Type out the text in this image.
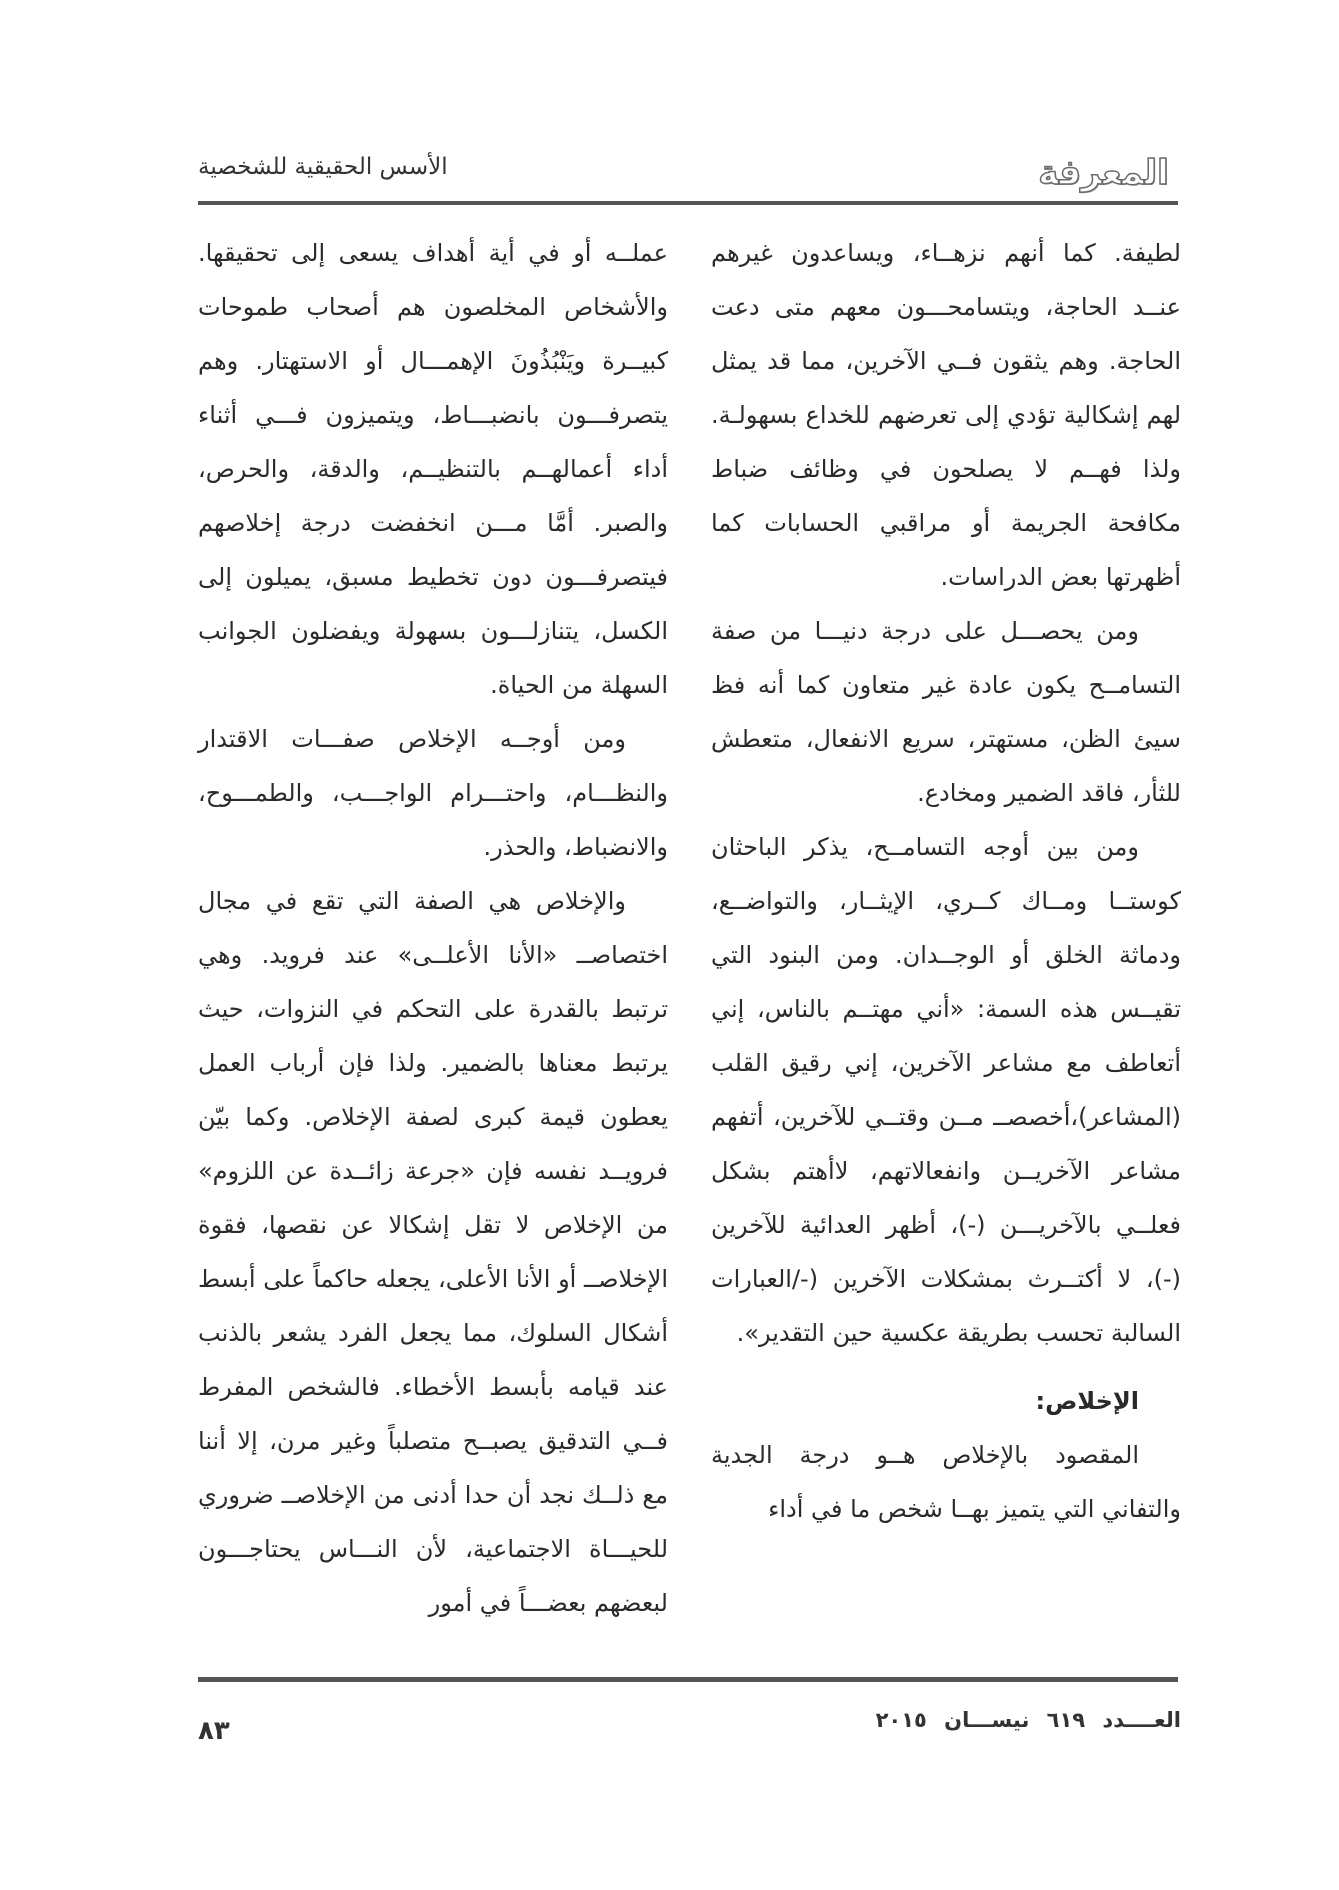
المعرفة
الأسس الحقيقية للشخصية

لطيفة. كما أنهم نزهــاء، ويساعدون غيرهم عنــد الحاجة، ويتسامحـــون معهم متى دعت الحاجة. وهم يثقون فــي الآخرين، مما قد يمثل لهم إشكالية تؤدي إلى تعرضهم للخداع بسهولـة. ولذا فهــم لا يصلحون في وظائف ضباط مكافحة الجريمة أو مراقبي الحسابات كما أظهرتها بعض الدراسات.

ومن يحصـــل على درجة دنيـــا من صفة التسامــح يكون عادة غير متعاون كما أنه فظ سيئ الظن، مستهتر، سريع الانفعال، متعطش للثأر، فاقد الضمير ومخادع.

ومن بين أوجه التسامــح، يذكر الباحثان كوستــا ومــاك كــري، الإيثــار، والتواضــع، ودماثة الخلق أو الوجــدان. ومن البنود التي تقيــس هذه السمة: «أني مهتــم بالناس، إني أتعاطف مع مشاعر الآخرين، إني رقيق القلب (المشاعر)،أخصصــ مــن وقتــي للآخرين، أتفهم مشاعر الآخريــن وانفعالاتهم، لاأهتم بشكل فعلــي بالآخريـــن (-)، أظهر العدائية للآخرين (-)، لا أكتــرث بمشكلات الآخرين (-/العبارات السالبة تحسب بطريقة عكسية حين التقدير».

الإخلاص:

المقصود بالإخلاص هــو درجة الجدية والتفاني التي يتميز بهــا شخص ما في أداء

عملــه أو في أية أهداف يسعى إلى تحقيقها. والأشخاص المخلصون هم أصحاب طموحات كبيــرة ويَنْبُذُونَ الإهمـــال أو الاستهتار. وهم يتصرفـــون بانضبـــاط، ويتميزون فـــي أثناء أداء أعمالهــم بالتنظيــم، والدقة، والحرص، والصبر. أمَّا مـــن انخفضت درجة إخلاصهم فيتصرفـــون دون تخطيط مسبق، يميلون إلى الكسل، يتنازلـــون بسهولة ويفضلون الجوانب السهلة من الحياة.

ومن أوجــه الإخلاص صفـــات الاقتدار والنظـــام، واحتـــرام الواجـــب، والطمـــوح، والانضباط، والحذر.

والإخلاص هي الصفة التي تقع في مجال اختصاصــ «الأنا الأعلــى» عند فرويد. وهي ترتبط بالقدرة على التحكم في النزوات، حيث يرتبط معناها بالضمير. ولذا فإن أرباب العمل يعطون قيمة كبرى لصفة الإخلاص. وكما بيّن فرويــد نفسه فإن «جرعة زائــدة عن اللزوم» من الإخلاص لا تقل إشكالا عن نقصها، فقوة الإخلاصــ أو الأنا الأعلى، يجعله حاكماً على أبسط أشكال السلوك، مما يجعل الفرد يشعر بالذنب عند قيامه بأبسط الأخطاء. فالشخص المفرط فــي التدقيق يصبــح متصلباً وغير مرن، إلا أننا مع ذلــك نجد أن حدا أدنى من الإخلاصــ ضروري للحيـــاة الاجتماعية، لأن النـــاس يحتاجـــون لبعضهم بعضـــاً في أمور

العــــدد ٦١٩ نيســـان ٢٠١٥
٨٣
